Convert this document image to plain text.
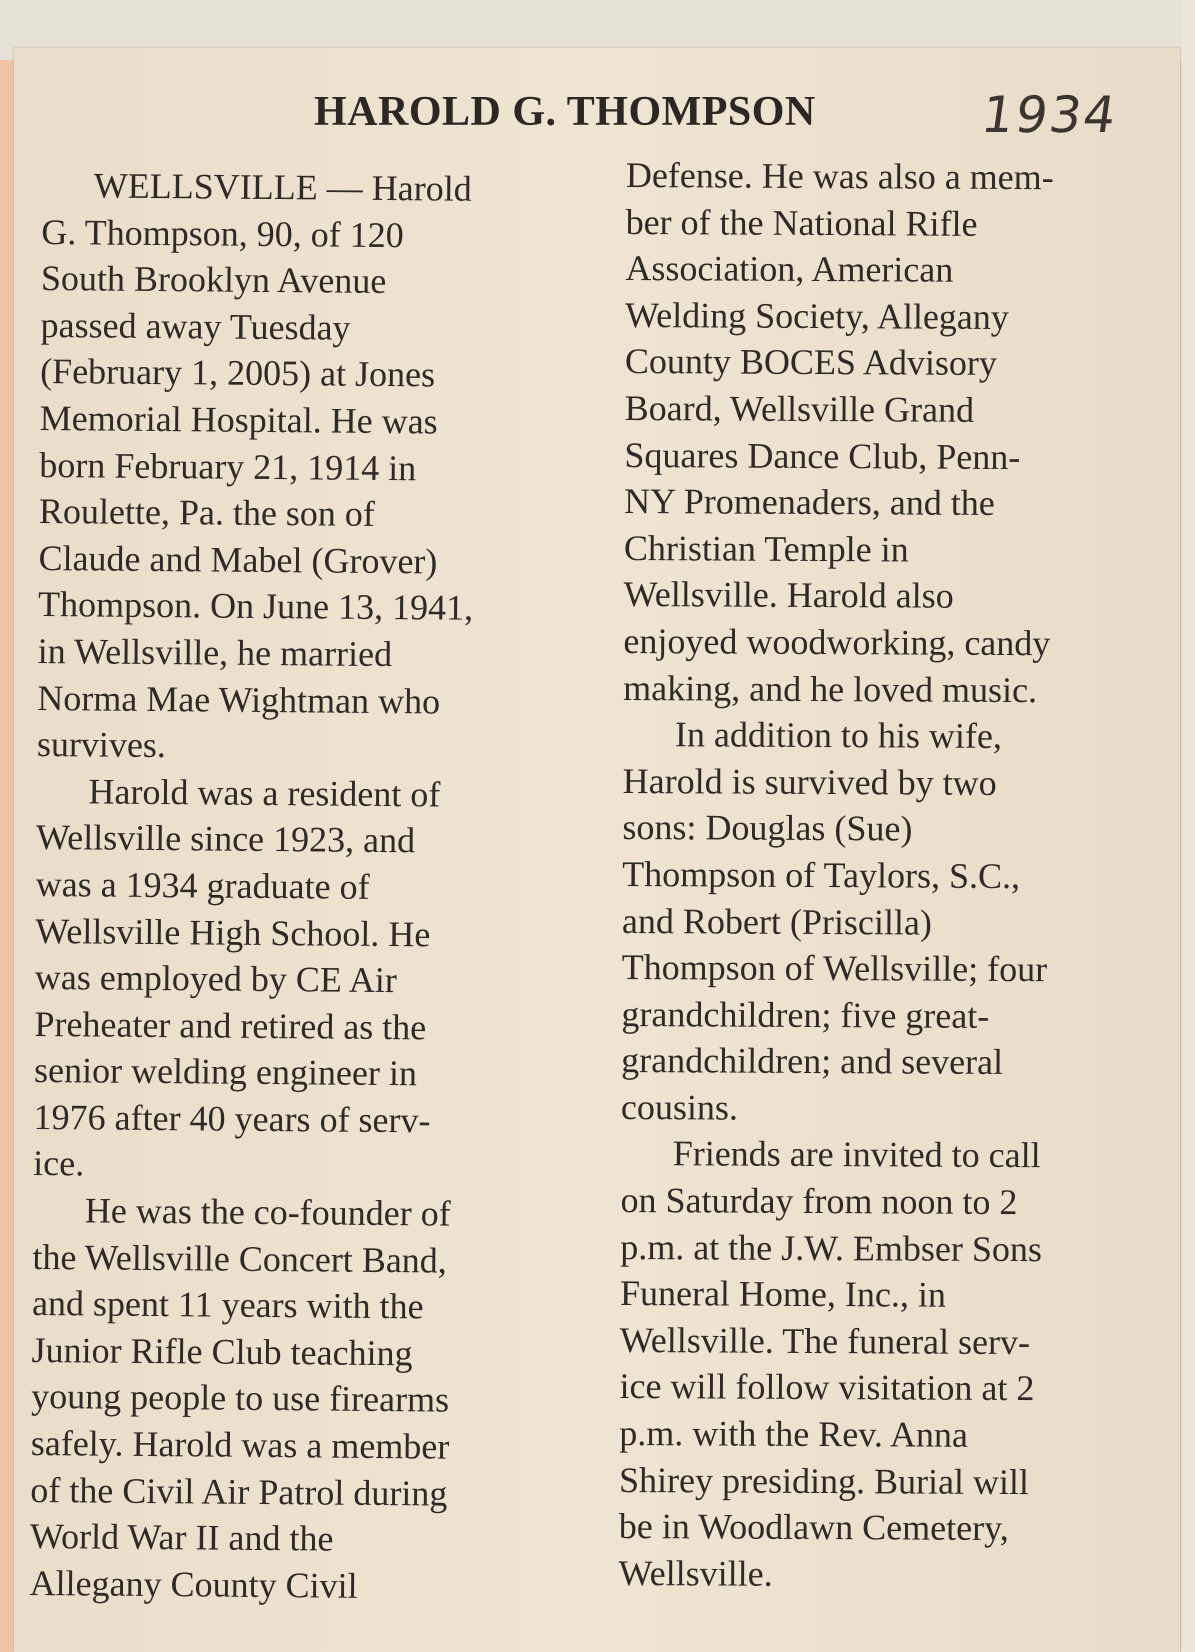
HAROLD G. THOMPSON	1934
WELLSVILLE — Harold
G. Thompson, 90, of 120
South Brooklyn Avenue
passed away Tuesday
(February 1, 2005) at Jones
Memorial Hospital. He was
born February 21, 1914 in
Roulette, Pa. the son of
Claude and Mabel (Grover)
Thompson. On June 13, 1941,
in Wellsville, he married
Norma Mae Wightman who
survives.
Harold was a resident of
Wellsville since 1923, and
was a 1934 graduate of
Wellsville High School. He
was employed by CE Air
Preheater and retired as the
senior welding engineer in
1976 after 40 years of serv-
ice.
He was the co-founder of
the Wellsville Concert Band,
and spent 11 years with the
Junior Rifle Club teaching
young people to use firearms
safely. Harold was a member
of the Civil Air Patrol during
World War II and the
Allegany County Civil
Defense. He was also a mem-
ber of the National Rifle
Association, American
Welding Society, Allegany
County BOCES Advisory
Board, Wellsville Grand
Squares Dance Club, Penn-
NY Promenaders, and the
Christian Temple in
Wellsville. Harold also
enjoyed woodworking, candy
making, and he loved music.
In addition to his wife,
Harold is survived by two
sons: Douglas (Sue)
Thompson of Taylors, S.C.,
and Robert (Priscilla)
Thompson of Wellsville; four
grandchildren; five great-
grandchildren; and several
cousins.
Friends are invited to call
on Saturday from noon to 2
p.m. at the J.W. Embser Sons
Funeral Home, Inc., in
Wellsville. The funeral serv-
ice will follow visitation at 2
p.m. with the Rev. Anna
Shirey presiding. Burial will
be in Woodlawn Cemetery,
Wellsville.
